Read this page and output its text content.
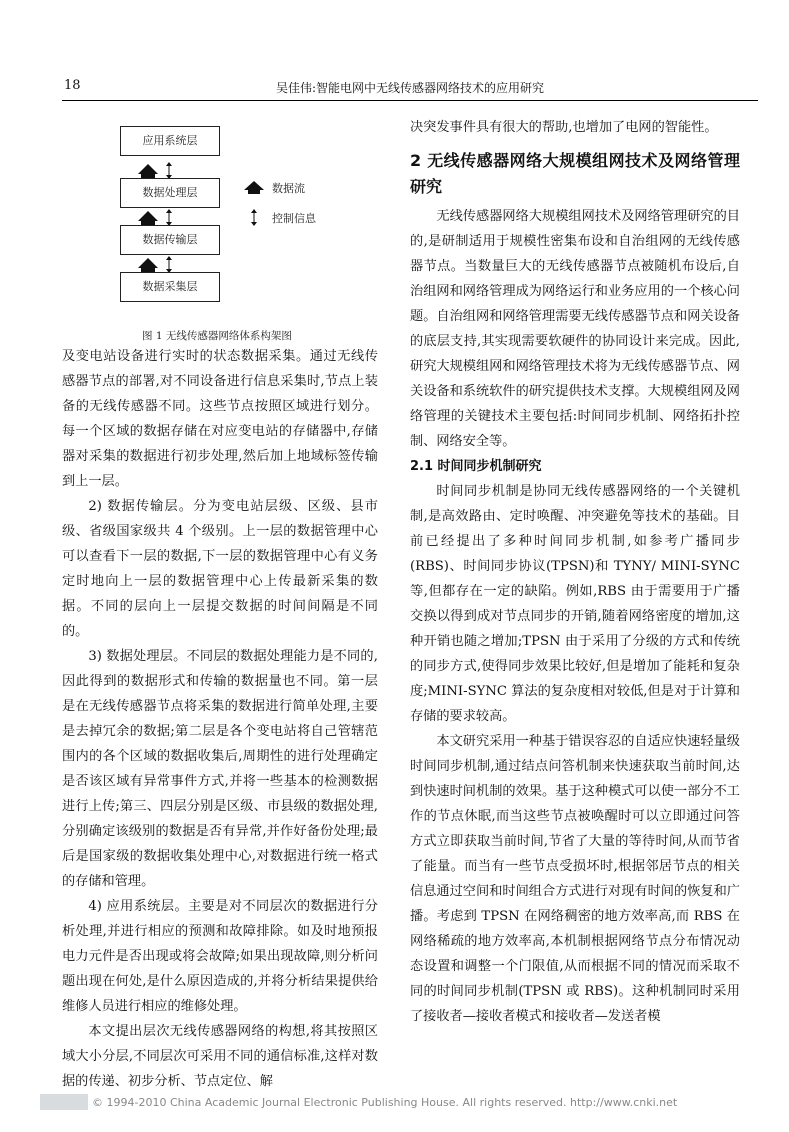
18	吴佳伟:智能电网中无线传感器网络技术的应用研究
应用系统层
数据处理层
数据传输层
数据采集层
数据流
控制信息
图 1 无线传感器网络体系构架图

及变电站设备进行实时的状态数据采集。通过无线传感器节点的部署,对不同设备进行信息采集时,节点上装备的无线传感器不同。这些节点按照区域进行划分。每一个区域的数据存储在对应变电站的存储器中,存储器对采集的数据进行初步处理,然后加上地域标签传输到上一层。

2) 数据传输层。分为变电站层级、区级、县市级、省级国家级共 4 个级别。上一层的数据管理中心可以查看下一层的数据,下一层的数据管理中心有义务定时地向上一层的数据管理中心上传最新采集的数据。不同的层向上一层提交数据的时间间隔是不同的。

3) 数据处理层。不同层的数据处理能力是不同的,因此得到的数据形式和传输的数据量也不同。第一层是在无线传感器节点将采集的数据进行简单处理,主要是去掉冗余的数据;第二层是各个变电站将自己管辖范围内的各个区域的数据收集后,周期性的进行处理确定是否该区域有异常事件方式,并将一些基本的检测数据进行上传;第三、四层分别是区级、市县级的数据处理,分别确定该级别的数据是否有异常,并作好备份处理;最后是国家级的数据收集处理中心,对数据进行统一格式的存储和管理。

4) 应用系统层。主要是对不同层次的数据进行分析处理,并进行相应的预测和故障排除。如及时地预报电力元件是否出现或将会故障;如果出现故障,则分析问题出现在何处,是什么原因造成的,并将分析结果提供给维修人员进行相应的维修处理。

本文提出层次无线传感器网络的构想,将其按照区域大小分层,不同层次可采用不同的通信标准,这样对数据的传递、初步分析、节点定位、解

决突发事件具有很大的帮助,也增加了电网的智能性。

2 无线传感器网络大规模组网技术及网络管理研究

无线传感器网络大规模组网技术及网络管理研究的目的,是研制适用于规模性密集布设和自治组网的无线传感器节点。当数量巨大的无线传感器节点被随机布设后,自治组网和网络管理成为网络运行和业务应用的一个核心问题。自治组网和网络管理需要无线传感器节点和网关设备的底层支持,其实现需要软硬件的协同设计来完成。因此,研究大规模组网和网络管理技术将为无线传感器节点、网关设备和系统软件的研究提供技术支撑。大规模组网及网络管理的关键技术主要包括:时间同步机制、网络拓扑控制、网络安全等。

2.1 时间同步机制研究

时间同步机制是协同无线传感器网络的一个关键机制,是高效路由、定时唤醒、冲突避免等技术的基础。目前已经提出了多种时间同步机制,如参考广播同步(RBS)、时间同步协议(TPSN)和 TYNY/ MINI-SYNC 等,但都存在一定的缺陷。例如,RBS 由于需要用于广播交换以得到成对节点同步的开销,随着网络密度的增加,这种开销也随之增加;TPSN 由于采用了分级的方式和传统的同步方式,使得同步效果比较好,但是增加了能耗和复杂度;MINI-SYNC 算法的复杂度相对较低,但是对于计算和存储的要求较高。

本文研究采用一种基于错误容忍的自适应快速轻量级时间同步机制,通过结点问答机制来快速获取当前时间,达到快速时间机制的效果。基于这种模式可以使一部分不工作的节点休眠,而当这些节点被唤醒时可以立即通过问答方式立即获取当前时间,节省了大量的等待时间,从而节省了能量。而当有一些节点受损坏时,根据邻居节点的相关信息通过空间和时间组合方式进行对现有时间的恢复和广播。考虑到 TPSN 在网络稠密的地方效率高,而 RBS 在网络稀疏的地方效率高,本机制根据网络节点分布情况动态设置和调整一个门限值,从而根据不同的情况而采取不同的时间同步机制(TPSN 或 RBS)。这种机制同时采用了接收者—接收者模式和接收者—发送者模

© 1994-2010 China Academic Journal Electronic Publishing House. All rights reserved. http://www.cnki.net
